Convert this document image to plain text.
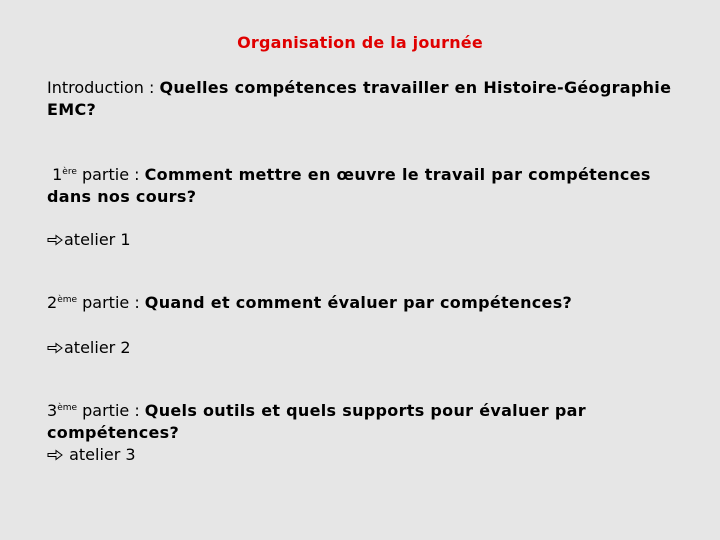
Organisation de la journée
Introduction : Quelles compétences travailler en Histoire-Géographie EMC?
1ère partie : Comment mettre en œuvre le travail par compétences dans nos cours?
atelier 1
2ème partie : Quand et comment évaluer par compétences?
atelier 2
3ème partie : Quels outils et quels supports pour évaluer par compétences?
atelier 3
